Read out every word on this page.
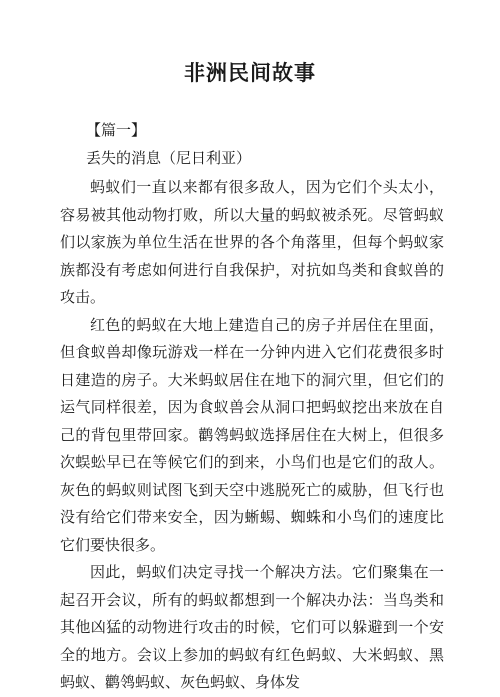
非洲民间故事
【篇一】
丢失的消息（尼日利亚）

蚂蚁们一直以来都有很多敌人，因为它们个头太小，容易被其他动物打败，所以大量的蚂蚁被杀死。尽管蚂蚁们以家族为单位生活在世界的各个角落里，但每个蚂蚁家族都没有考虑如何进行自我保护，对抗如鸟类和食蚁兽的攻击。

红色的蚂蚁在大地上建造自己的房子并居住在里面，但食蚁兽却像玩游戏一样在一分钟内进入它们花费很多时日建造的房子。大米蚂蚁居住在地下的洞穴里，但它们的运气同样很差，因为食蚁兽会从洞口把蚂蚁挖出来放在自己的背包里带回家。鹳鸰蚂蚁选择居住在大树上，但很多次蜈蚣早已在等候它们的到来，小鸟们也是它们的敌人。灰色的蚂蚁则试图飞到天空中逃脱死亡的威胁，但飞行也没有给它们带来安全，因为蜥蜴、蜘蛛和小鸟们的速度比它们要快很多。

因此，蚂蚁们决定寻找一个解决方法。它们聚集在一起召开会议，所有的蚂蚁都想到一个解决办法：当鸟类和其他凶猛的动物进行攻击的时候，它们可以躲避到一个安全的地方。会议上参加的蚂蚁有红色蚂蚁、大米蚂蚁、黑蚂蚁、鹳鸰蚂蚁、灰色蚂蚁、身体发
